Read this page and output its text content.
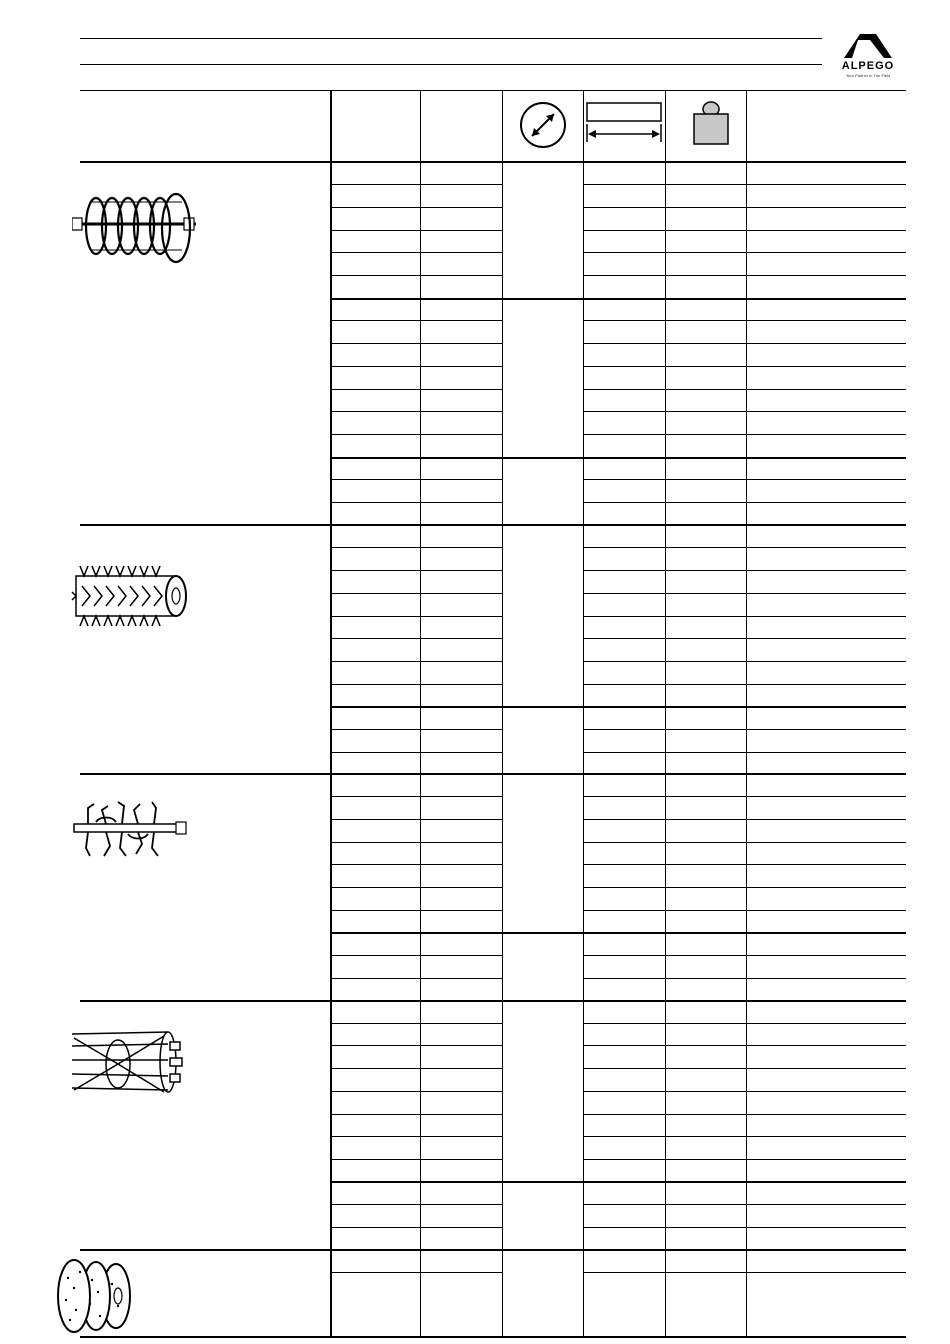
ALPEGO
Your Partner in The Field
